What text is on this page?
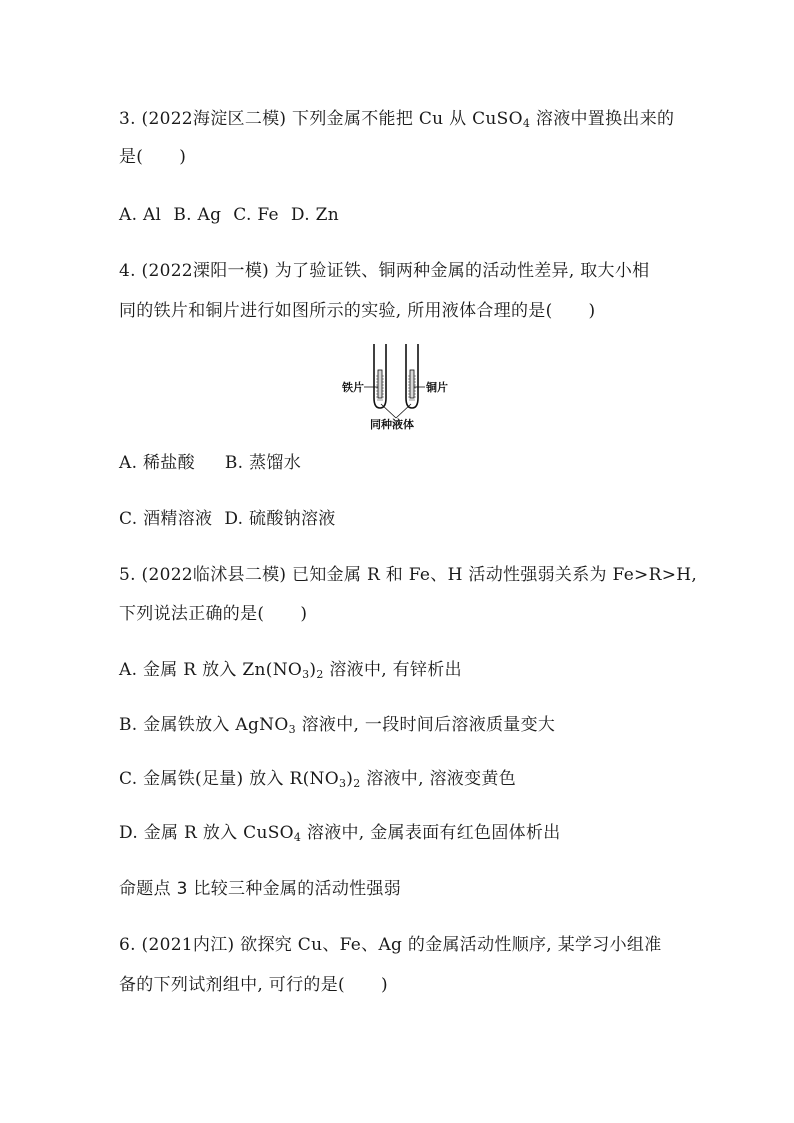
3. (2022海淀区二模) 下列金属不能把 Cu 从 CuSO$_4$ 溶液中置换出来的
是( )
A. Al B. Ag C. Fe D. Zn
4. (2022溧阳一模) 为了验证铁、铜两种金属的活动性差异, 取大小相
同的铁片和铜片进行如图所示的实验, 所用液体合理的是( )
铁片	铜片
同种液体
A. 稀盐酸 B. 蒸馏水
C. 酒精溶液 D. 硫酸钠溶液
5. (2022临沭县二模) 已知金属 R 和 Fe、H 活动性强弱关系为 Fe>R>H,
下列说法正确的是( )
A. 金属 R 放入 $Zn(NO_3)_2$ 溶液中, 有锌析出
B. 金属铁放入 AgNO$_3$ 溶液中, 一段时间后溶液质量变大
C. 金属铁(足量) 放入 $R(NO_3)_2$ 溶液中, 溶液变黄色
D. 金属 R 放入 CuSO$_4$ 溶液中, 金属表面有红色固体析出
命题点 3 比较三种金属的活动性强弱
6. (2021内江) 欲探究 Cu、Fe、Ag 的金属活动性顺序, 某学习小组准
备的下列试剂组中, 可行的是( )
